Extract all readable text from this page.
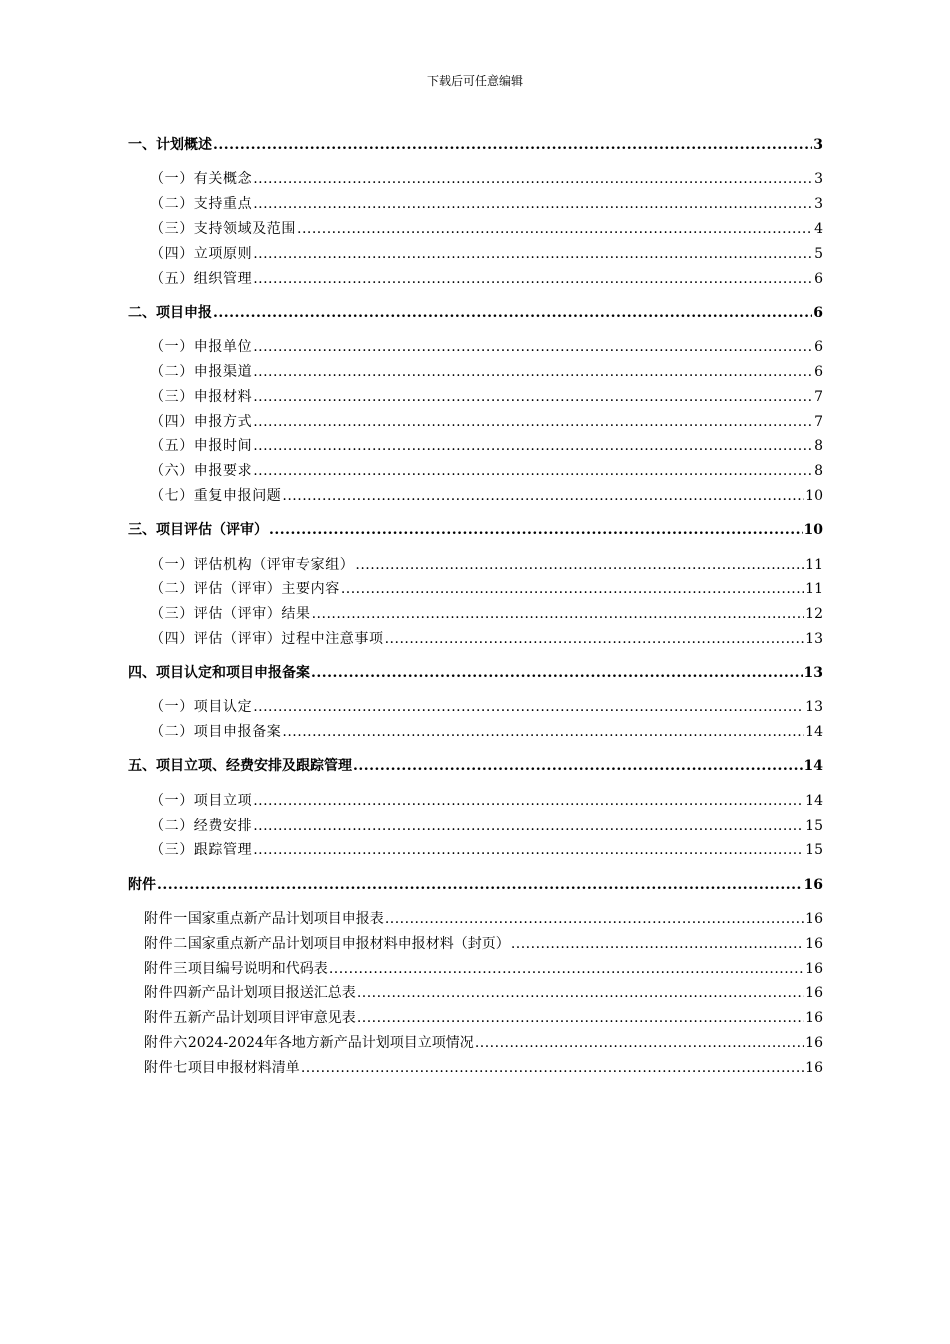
下载后可任意编辑
一、计划概述 .....	3
（一）有关概念 .....	3
（二）支持重点 .....	3
（三）支持领域及范围 .....	4
（四）立项原则 .....	5
（五）组织管理 .....	6
二、项目申报 .....	6
（一）申报单位 .....	6
（二）申报渠道 .....	6
（三）申报材料 .....	7
（四）申报方式 .....	7
（五）申报时间 .....	8
（六）申报要求 .....	8
（七）重复申报问题 .....	10
三、项目评估（评审） .....	10
（一）评估机构（评审专家组） .....	11
（二）评估（评审）主要内容 .....	11
（三）评估（评审）结果 .....	12
（四）评估（评审）过程中注意事项 .....	13
四、项目认定和项目申报备案 .....	13
（一）项目认定 .....	13
（二）项目申报备案 .....	14
五、项目立项、经费安排及跟踪管理 .....	14
（一）项目立项 .....	14
（二）经费安排 .....	15
（三）跟踪管理 .....	15
附件 .....	16
附件一 国家重点新产品计划项目申报表 .....	16
附件二 国家重点新产品计划项目申报材料申报材料（封页） .....	16
附件三 项目编号说明和代码表 .....	16
附件四 新产品计划项目报送汇总表 .....	16
附件五 新产品计划项目评审意见表 .....	16
附件六 2024-2024年各地方新产品计划项目立项情况 .....	16
附件七 项目申报材料清单 .....	16
